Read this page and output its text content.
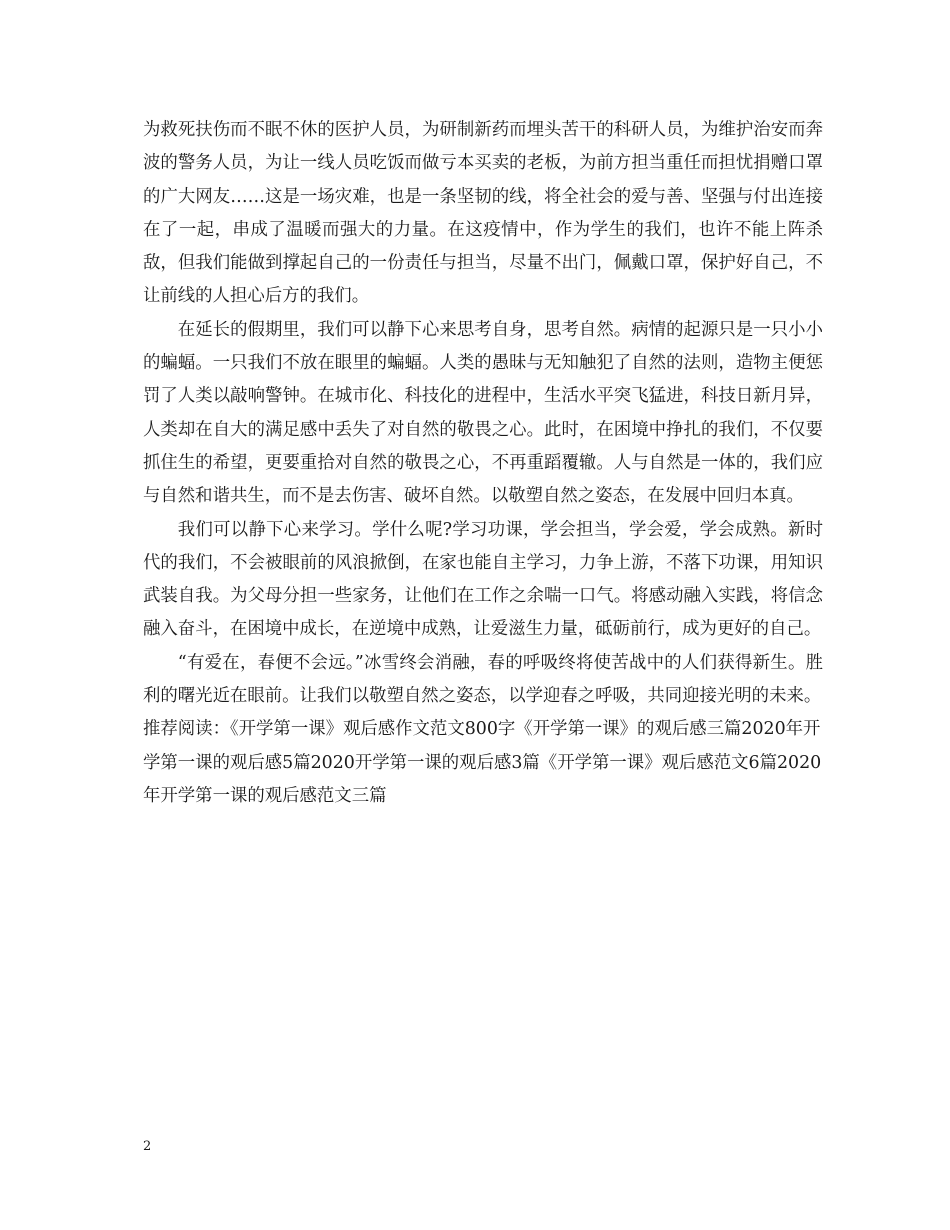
为救死扶伤而不眠不休的医护人员，为研制新药而埋头苦干的科研人员，为维护治安而奔波的警务人员，为让一线人员吃饭而做亏本买卖的老板，为前方担当重任而担忧捐赠口罩的广大网友……这是一场灾难，也是一条坚韧的线，将全社会的爱与善、坚强与付出连接在了一起，串成了温暖而强大的力量。在这疫情中，作为学生的我们，也许不能上阵杀敌，但我们能做到撑起自己的一份责任与担当，尽量不出门，佩戴口罩，保护好自己，不让前线的人担心后方的我们。

在延长的假期里，我们可以静下心来思考自身，思考自然。病情的起源只是一只小小的蝙蝠。一只我们不放在眼里的蝙蝠。人类的愚昧与无知触犯了自然的法则，造物主便惩罚了人类以敲响警钟。在城市化、科技化的进程中，生活水平突飞猛进，科技日新月异，人类却在自大的满足感中丢失了对自然的敬畏之心。此时，在困境中挣扎的我们，不仅要抓住生的希望，更要重拾对自然的敬畏之心，不再重蹈覆辙。人与自然是一体的，我们应与自然和谐共生，而不是去伤害、破坏自然。以敬塑自然之姿态，在发展中回归本真。

我们可以静下心来学习。学什么呢?学习功课，学会担当，学会爱，学会成熟。新时代的我们，不会被眼前的风浪掀倒，在家也能自主学习，力争上游，不落下功课，用知识武装自我。为父母分担一些家务，让他们在工作之余喘一口气。将感动融入实践，将信念融入奋斗，在困境中成长，在逆境中成熟，让爱滋生力量，砥砺前行，成为更好的自己。

“有爱在，春便不会远。”冰雪终会消融，春的呼吸终将使苦战中的人们获得新生。胜利的曙光近在眼前。让我们以敬塑自然之姿态，以学迎春之呼吸，共同迎接光明的未来。

推荐阅读：《开学第一课》观后感作文范文800字《开学第一课》的观后感三篇2020年开学第一课的观后感5篇2020开学第一课的观后感3篇《开学第一课》观后感范文6篇2020年开学第一课的观后感范文三篇

2
